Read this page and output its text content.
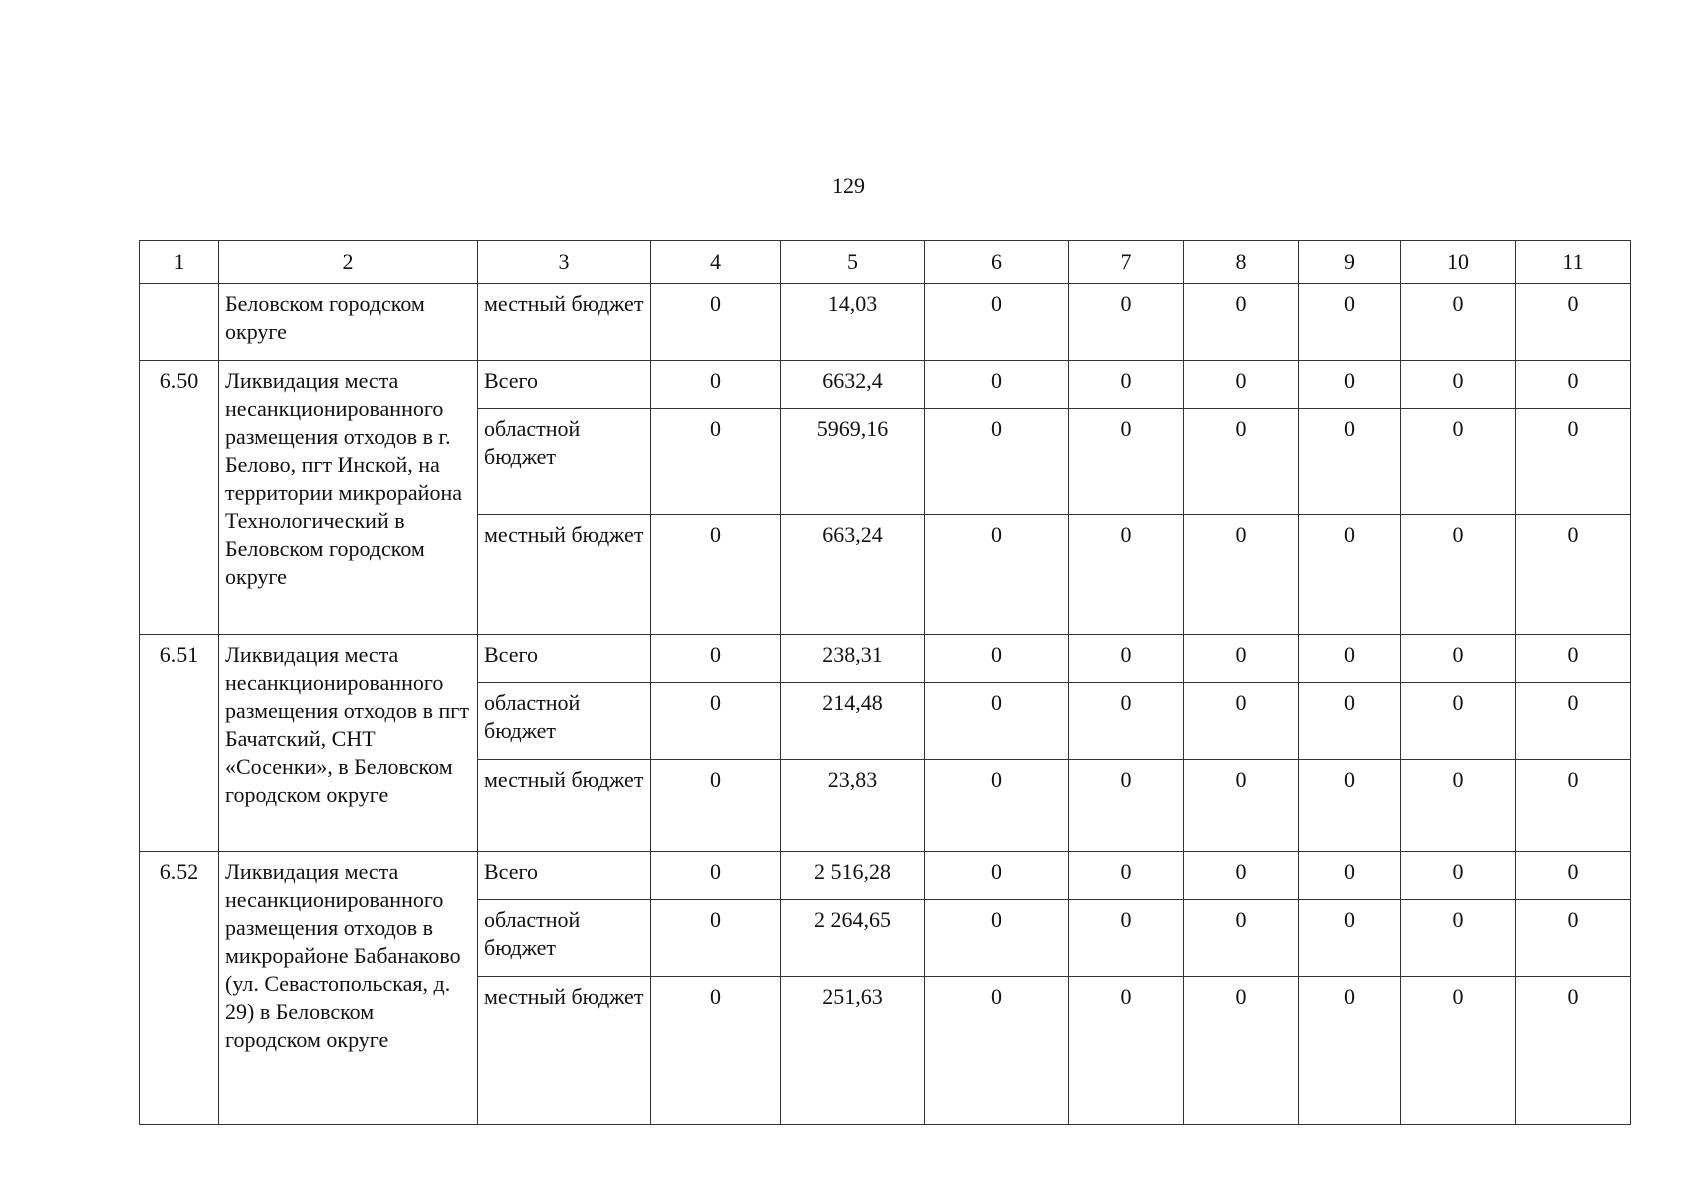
129
1	2	3	4	5	6	7	8	9	10	11
	Беловском городском округе	местный бюджет	0	14,03	0	0	0	0	0	0
6.50	Ликвидация места несанкционированного размещения отходов в г. Белово, пгт Инской, на территории микрорайона Технологический в Беловском городском округе	Всего	0	6632,4	0	0	0	0	0	0
		областной бюджет	0	5969,16	0	0	0	0	0	0
		местный бюджет	0	663,24	0	0	0	0	0	0
6.51	Ликвидация места несанкционированного размещения отходов в пгт Бачатский, СНТ «Сосенки», в Беловском городском округе	Всего	0	238,31	0	0	0	0	0	0
		областной бюджет	0	214,48	0	0	0	0	0	0
		местный бюджет	0	23,83	0	0	0	0	0	0
6.52	Ликвидация места несанкционированного размещения отходов в микрорайоне Бабанаково (ул. Севастопольская, д. 29) в Беловском городском округе	Всего	0	2 516,28	0	0	0	0	0	0
		областной бюджет	0	2 264,65	0	0	0	0	0	0
		местный бюджет	0	251,63	0	0	0	0	0	0
